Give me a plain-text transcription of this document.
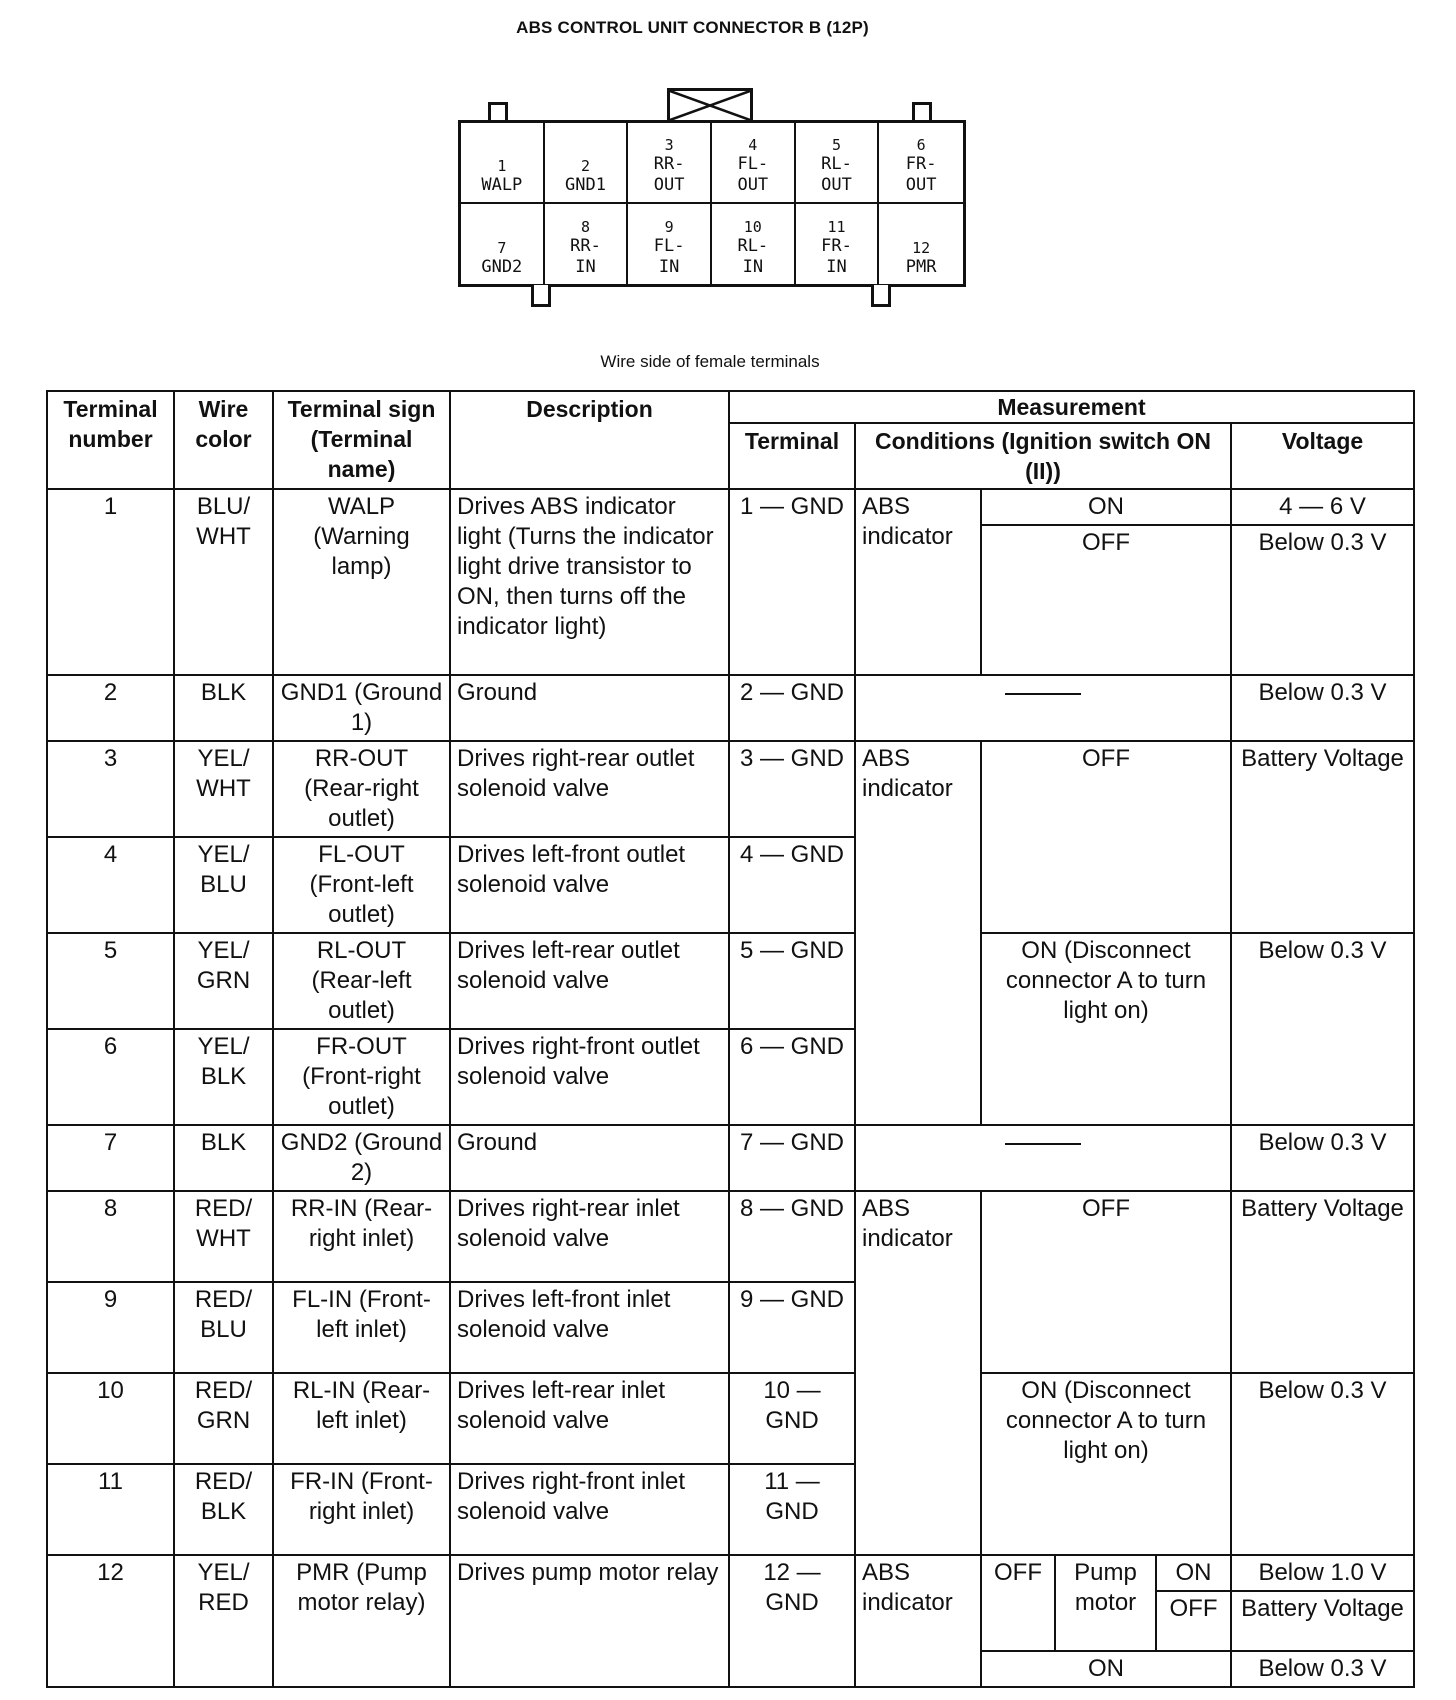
ABS CONTROL UNIT CONNECTOR B (12P)
1
WALP
2
GND1
3
RR-
OUT
4
FL-
OUT
5
RL-
OUT
6
FR-
OUT
7
GND2
8
RR-
IN
9
FL-
IN
10
RL-
IN
11
FR-
IN
12
PMR
Wire side of female terminals
Terminal number	Wire color	Terminal sign (Terminal name)	Description	Measurement					
				Terminal	Conditions (Ignition switch ON (II))				Voltage
1	BLU/ WHT	WALP (Warning lamp)	Drives ABS indicator light (Turns the indicator light drive transistor to ON, then turns off the indicator light)	1 — GND	ABS indicator	ON			4 — 6 V
						OFF			Below 0.3 V
2	BLK	GND1 (Ground 1)	Ground	2 — GND					Below 0.3 V
3	YEL/ WHT	RR-OUT (Rear-right outlet)	Drives right-rear outlet solenoid valve	3 — GND	ABS indicator	OFF			Battery Voltage
4	YEL/ BLU	FL-OUT (Front-left outlet)	Drives left-front outlet solenoid valve	4 — GND					
5	YEL/ GRN	RL-OUT (Rear-left outlet)	Drives left-rear outlet solenoid valve	5 — GND		ON (Disconnect connector A to turn light on)			Below 0.3 V
6	YEL/ BLK	FR-OUT (Front-right outlet)	Drives right-front outlet solenoid valve	6 — GND					
7	BLK	GND2 (Ground 2)	Ground	7 — GND					Below 0.3 V
8	RED/ WHT	RR-IN (Rear-right inlet)	Drives right-rear inlet solenoid valve	8 — GND	ABS indicator	OFF			Battery Voltage
9	RED/ BLU	FL-IN (Front-left inlet)	Drives left-front inlet solenoid valve	9 — GND					
10	RED/ GRN	RL-IN (Rear-left inlet)	Drives left-rear inlet solenoid valve	10 — GND		ON (Disconnect connector A to turn light on)			Below 0.3 V
11	RED/ BLK	FR-IN (Front-right inlet)	Drives right-front inlet solenoid valve	11 — GND					
12	YEL/ RED	PMR (Pump motor relay)	Drives pump motor relay	12 — GND	ABS indicator	OFF	Pump motor	ON	Below 1.0 V
								OFF	Battery Voltage
						ON			Below 0.3 V
